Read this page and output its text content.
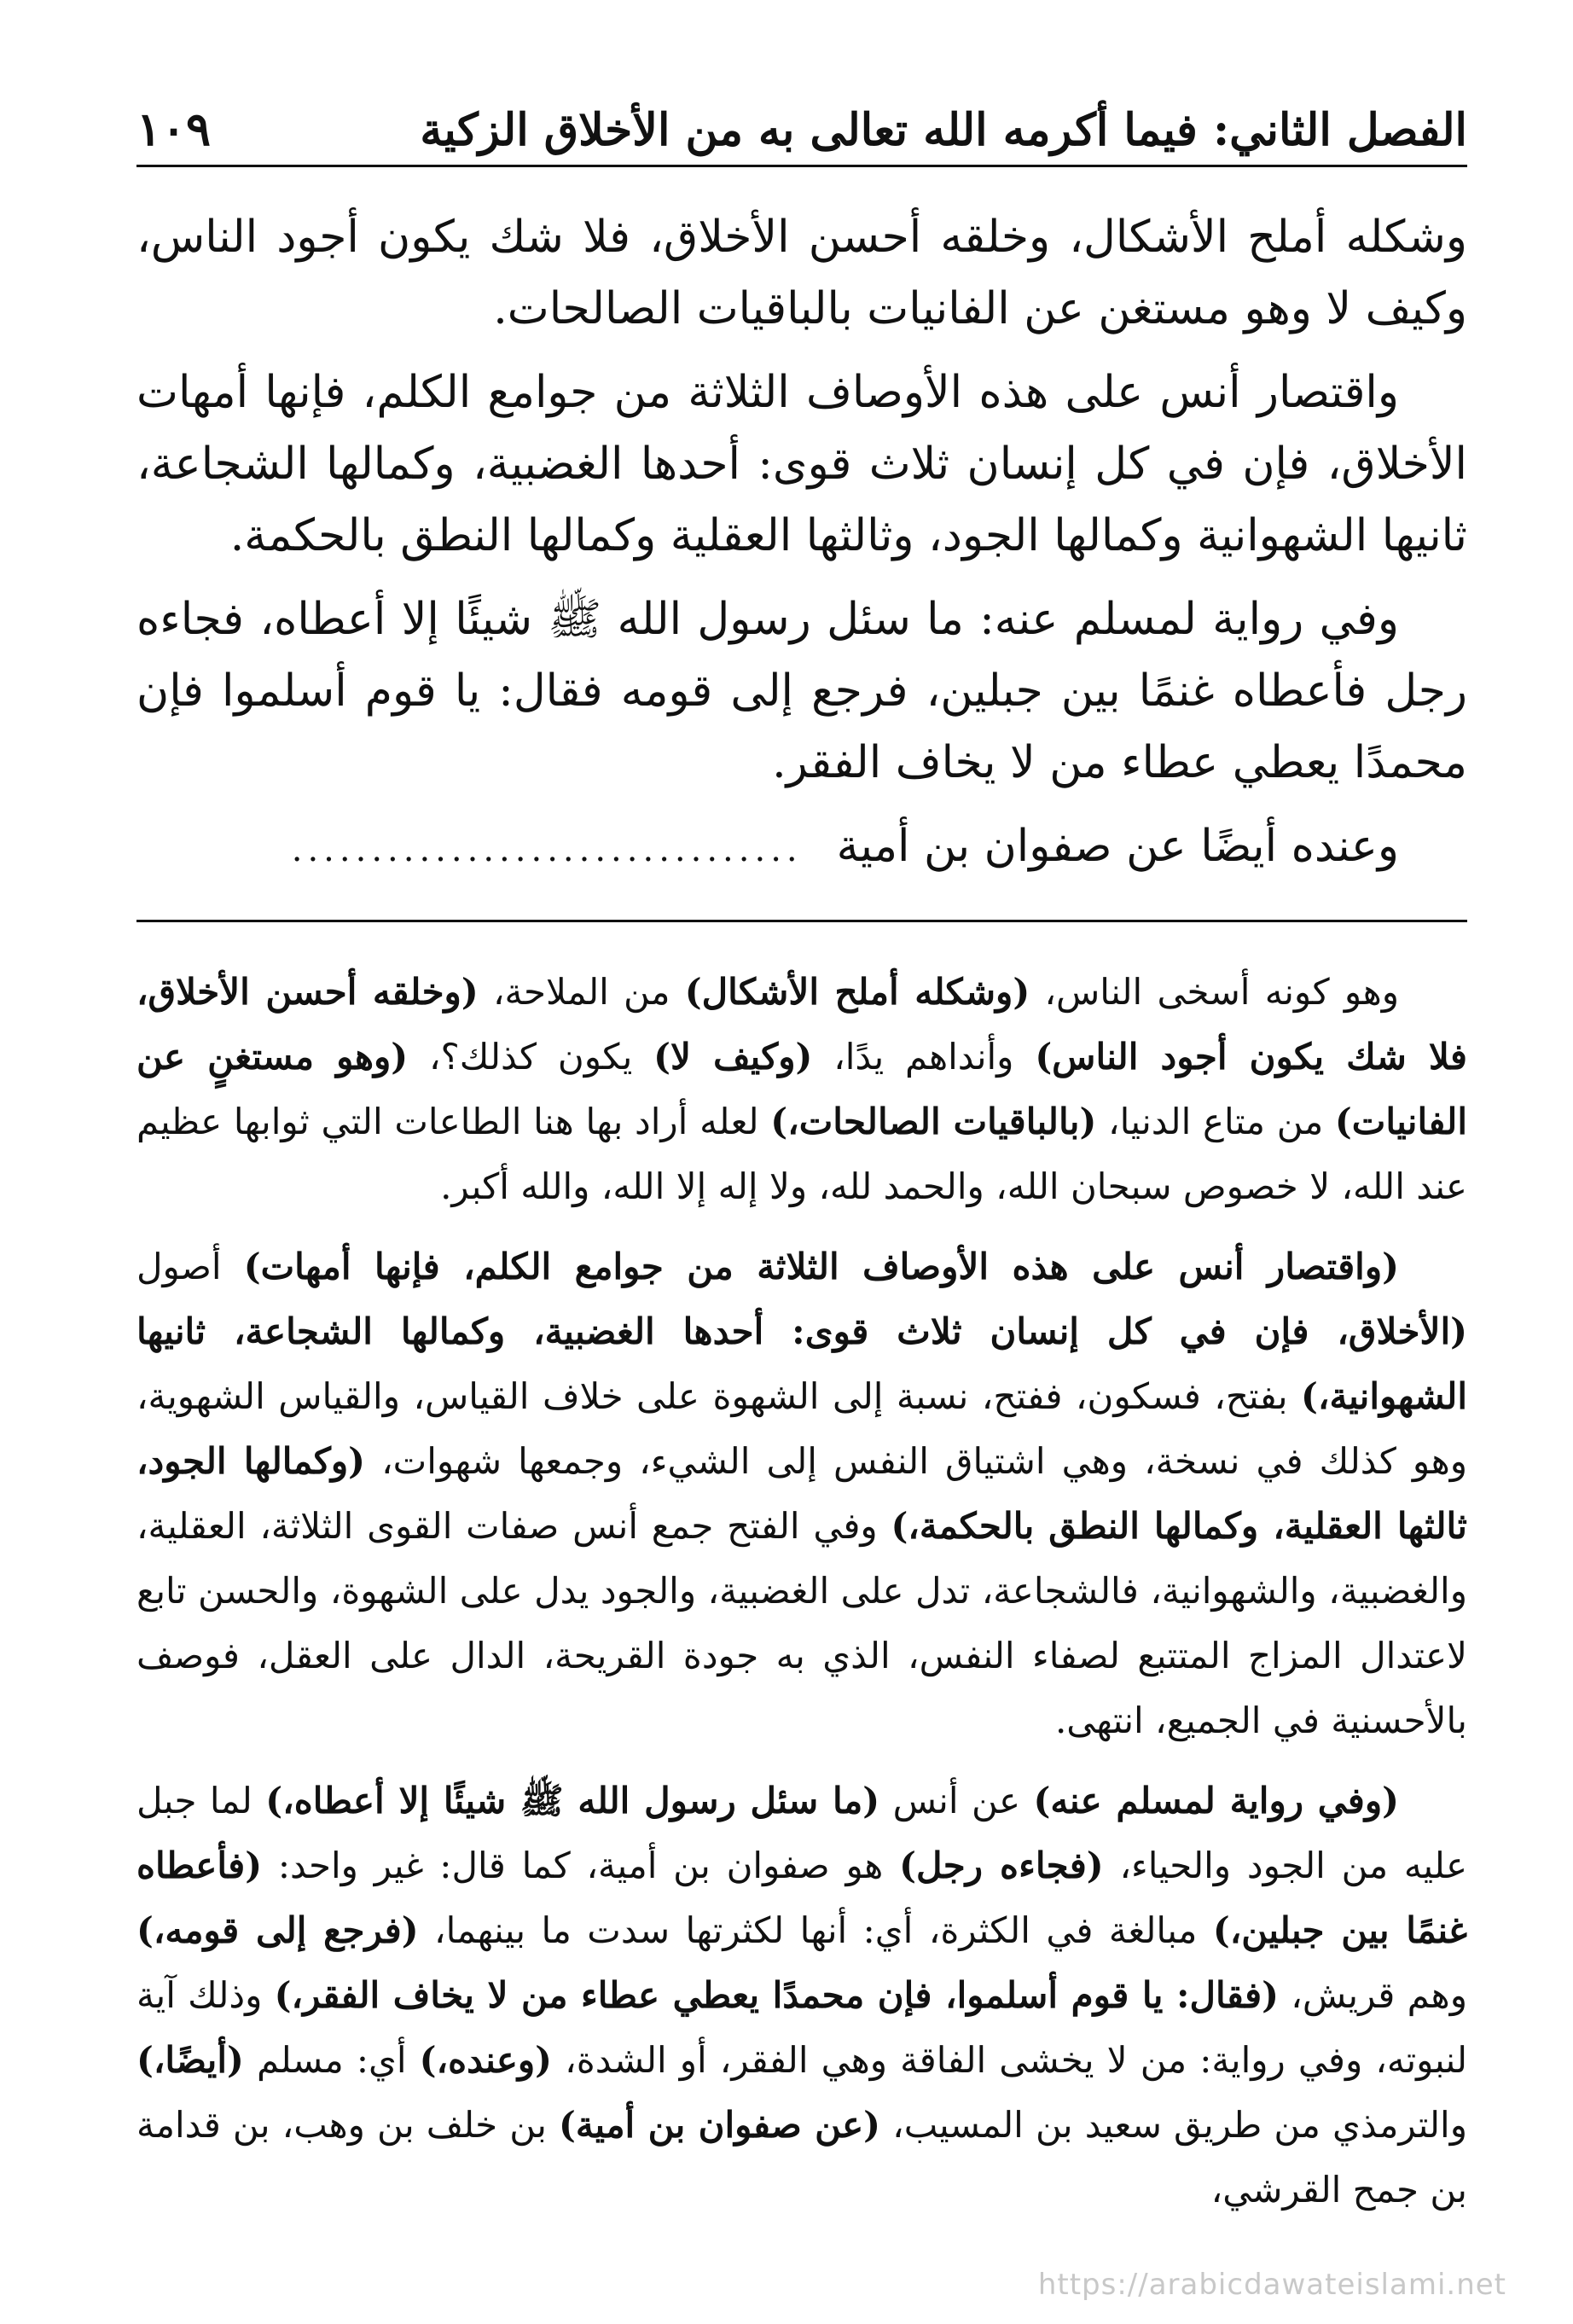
الفصل الثاني: فيما أكرمه الله تعالى به من الأخلاق الزكية
١٠٩

وشكله أملح الأشكال، وخلقه أحسن الأخلاق، فلا شك يكون أجود الناس، وكيف لا وهو مستغن عن الفانيات بالباقيات الصالحات.

واقتصار أنس على هذه الأوصاف الثلاثة من جوامع الكلم، فإنها أمهات الأخلاق، فإن في كل إنسان ثلاث قوى: أحدها الغضبية، وكمالها الشجاعة، ثانيها الشهوانية وكمالها الجود، وثالثها العقلية وكمالها النطق بالحكمة.

وفي رواية لمسلم عنه: ما سئل رسول الله ﷺ شيئًا إلا أعطاه، فجاءه رجل فأعطاه غنمًا بين جبلين، فرجع إلى قومه فقال: يا قوم أسلموا فإن محمدًا يعطي عطاء من لا يخاف الفقر.

وعنده أيضًا عن صفوان بن أمية
................................

وهو كونه أسخى الناس، (وشكله أملح الأشكال) من الملاحة، (وخلقه أحسن الأخلاق، فلا شك يكون أجود الناس) وأنداهم يدًا، (وكيف لا) يكون كذلك؟، (وهو مستغنٍ عن الفانيات) من متاع الدنيا، (بالباقيات الصالحات،) لعله أراد بها هنا الطاعات التي ثوابها عظيم عند الله، لا خصوص سبحان الله، والحمد لله، ولا إله إلا الله، والله أكبر.

(واقتصار أنس على هذه الأوصاف الثلاثة من جوامع الكلم، فإنها أمهات) أصول (الأخلاق، فإن في كل إنسان ثلاث قوى: أحدها الغضبية، وكمالها الشجاعة، ثانيها الشهوانية،) بفتح، فسكون، ففتح، نسبة إلى الشهوة على خلاف القياس، والقياس الشهوية، وهو كذلك في نسخة، وهي اشتياق النفس إلى الشيء، وجمعها شهوات، (وكمالها الجود، ثالثها العقلية، وكمالها النطق بالحكمة،) وفي الفتح جمع أنس صفات القوى الثلاثة، العقلية، والغضبية، والشهوانية، فالشجاعة، تدل على الغضبية، والجود يدل على الشهوة، والحسن تابع لاعتدال المزاج المتتبع لصفاء النفس، الذي به جودة القريحة، الدال على العقل، فوصف بالأحسنية في الجميع، انتهى.

(وفي رواية لمسلم عنه) عن أنس (ما سئل رسول الله ﷺ شيئًا إلا أعطاه،) لما جبل عليه من الجود والحياء، (فجاءه رجل) هو صفوان بن أمية، كما قال: غير واحد: (فأعطاه غنمًا بين جبلين،) مبالغة في الكثرة، أي: أنها لكثرتها سدت ما بينهما، (فرجع إلى قومه،) وهم قريش، (فقال: يا قوم أسلموا، فإن محمدًا يعطي عطاء من لا يخاف الفقر،) وذلك آية لنبوته، وفي رواية: من لا يخشى الفاقة وهي الفقر، أو الشدة، (وعنده،) أي: مسلم (أيضًا،) والترمذي من طريق سعيد بن المسيب، (عن صفوان بن أمية) بن خلف بن وهب، بن قدامة بن جمح القرشي،

https://arabicdawateislami.net
